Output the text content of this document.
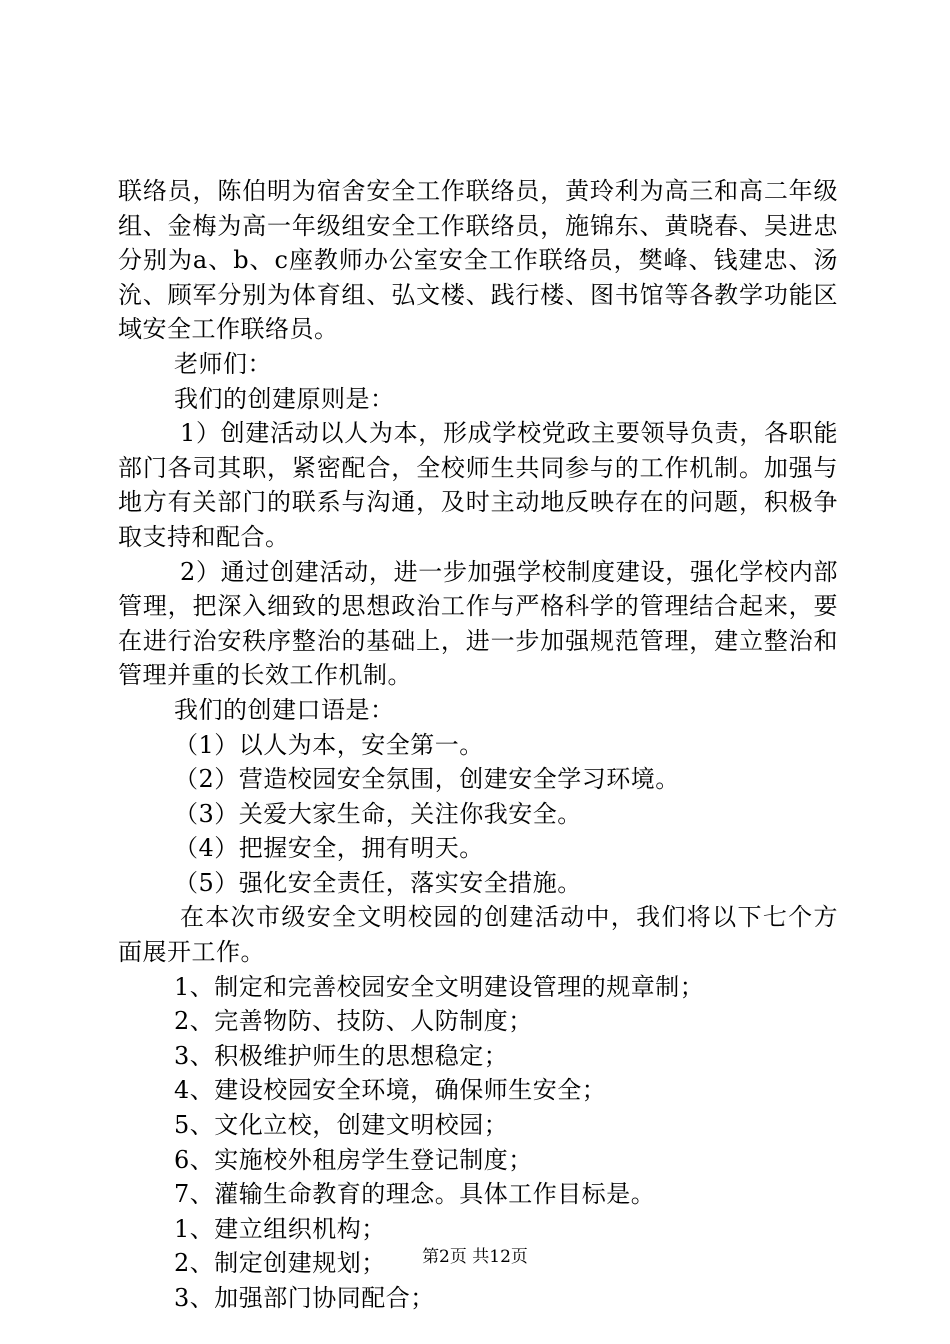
联络员，陈伯明为宿舍安全工作联络员，黄玲利为高三和高二年级组、金梅为高一年级组安全工作联络员，施锦东、黄晓春、吴进忠分别为a、b、c座教师办公室安全工作联络员，樊峰、钱建忠、汤沇、顾军分别为体育组、弘文楼、践行楼、图书馆等各教学功能区域安全工作联络员。

老师们：

我们的创建原则是：

1）创建活动以人为本，形成学校党政主要领导负责，各职能部门各司其职，紧密配合，全校师生共同参与的工作机制。加强与地方有关部门的联系与沟通，及时主动地反映存在的问题，积极争取支持和配合。

2）通过创建活动，进一步加强学校制度建设，强化学校内部管理，把深入细致的思想政治工作与严格科学的管理结合起来，要在进行治安秩序整治的基础上，进一步加强规范管理，建立整治和管理并重的长效工作机制。

我们的创建口语是：

（1）以人为本，安全第一。

（2）营造校园安全氛围，创建安全学习环境。

（3）关爱大家生命，关注你我安全。

（4）把握安全，拥有明天。

（5）强化安全责任，落实安全措施。

在本次市级安全文明校园的创建活动中，我们将以下七个方面展开工作。

1、制定和完善校园安全文明建设管理的规章制；

2、完善物防、技防、人防制度；

3、积极维护师生的思想稳定；

4、建设校园安全环境，确保师生安全；

5、文化立校，创建文明校园；

6、实施校外租房学生登记制度；

7、灌输生命教育的理念。具体工作目标是。

1、建立组织机构；

2、制定创建规划；

3、加强部门协同配合；

第2页 共12页
